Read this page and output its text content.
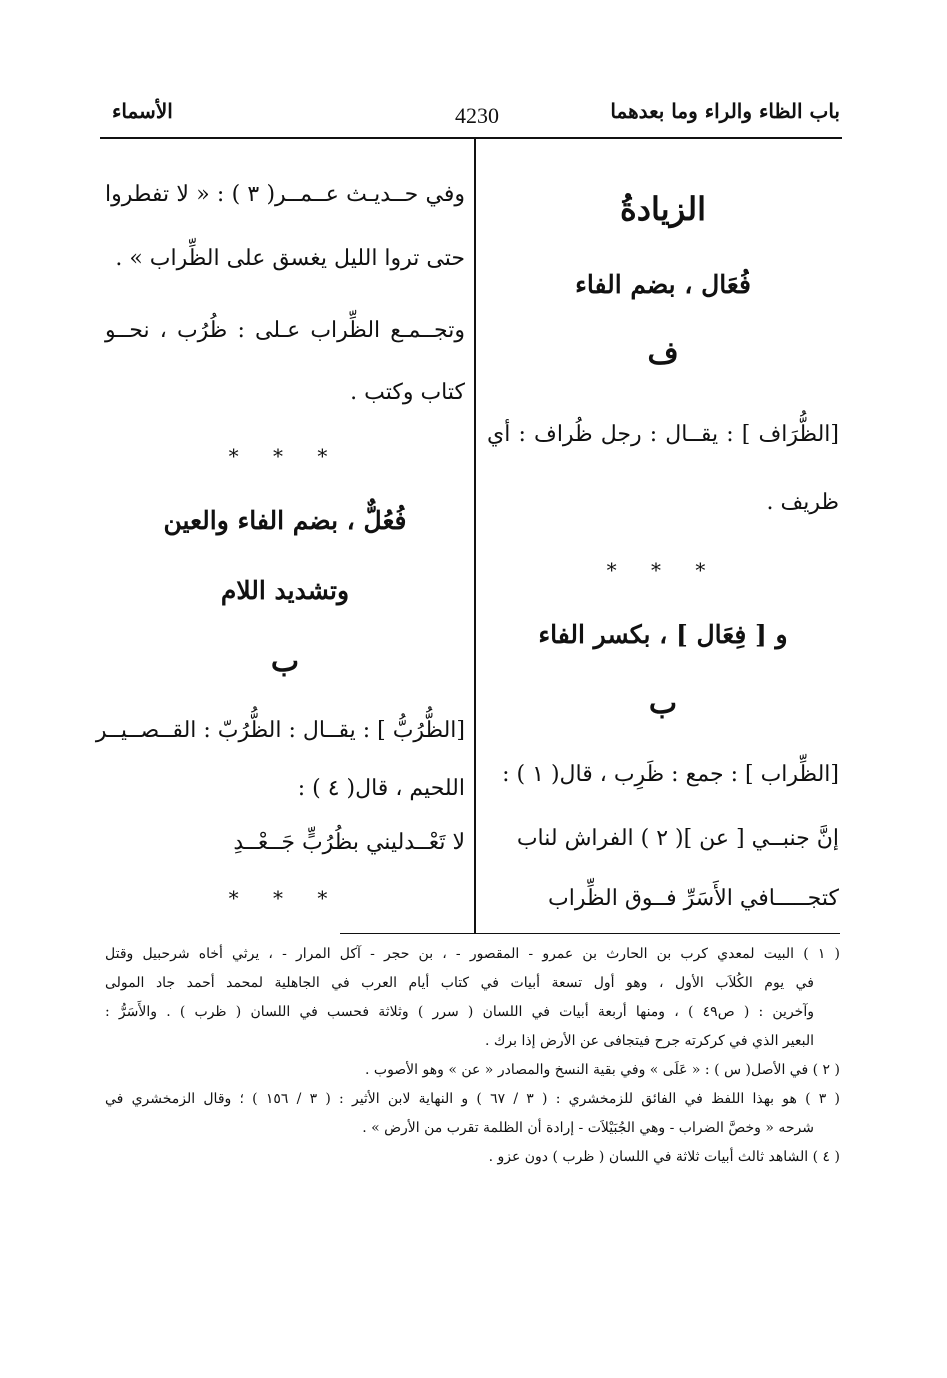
باب الظاء والراء وما بعدهما
4230
الأسماء
الزيادةُ
فُعَال ، بضم الفاء
ف
[الظُّرَاف ] : يقــال : رجل ظُراف : أي
ظريف .
* * *
و [ فِعَال ] ، بكسر الفاء
ب
[الظِّراب ] : جمع : ظَرِب ، قال( ١ ) :
إنَّ جنبــي [ عن ]( ٢ ) الفراش لناب
كتجـــــافي الأَسَرِّ فــوق الظِّراب
وفي حــديـث عــمــر( ٣ ) : « لا تفطروا
حتى تروا الليل يغسق على الظِّراب » .
وتجــمـع الظِّراب عـلى : ظُرُب ، نحــو
كتاب وكتب .
* * *
فُعُلٌّ ، بضم الفاء والعين
وتشديد اللام
ب
[الظُّرُبُّ ] : يقــال : الظُّرُبّ : القــصــيــر
اللحيم ، قال( ٤ ) :
لا تَعْــدليني بظُرُبٍّ جَــعْــدِ
* * *
( ١ ) البيت لمعدي كرب بن الحارث بن عمرو - المقصور - ، بن حجر - آكل المرار - ، يرثي أخاه شرحبيل وقتل
في يوم الكُلاَب الأول ، وهو أول تسعة أبيات في كتاب أيام العرب في الجاهلية لمحمد أحمد جاد المولى
وآخرين : ( ص٤٩ ) ، ومنها أربعة أبيات في اللسان ( سرر ) وثلاثة فحسب في اللسان ( ظرب ) . والأَسَرُّ :
البعير الذي في كركرته جرح فيتجافى عن الأرض إذا برك .
( ٢ ) في الأصل( س ) : « عَلَى » وفي بقية النسخ والمصادر « عن » وهو الأصوب .
( ٣ ) هو بهذا اللفظ في الفائق للزمخشري : ( ٣ / ٦٧ ) و النهاية لابن الأثير : ( ٣ / ١٥٦ ) ؛ وقال الزمخشري في
شرحه « وخصَّ الضراب - وهي الجُبَيْلاَت - إرادة أن الظلمة تقرب من الأرض » .
( ٤ ) الشاهد ثالث أبيات ثلاثة في اللسان ( ظرب ) دون عزو .
